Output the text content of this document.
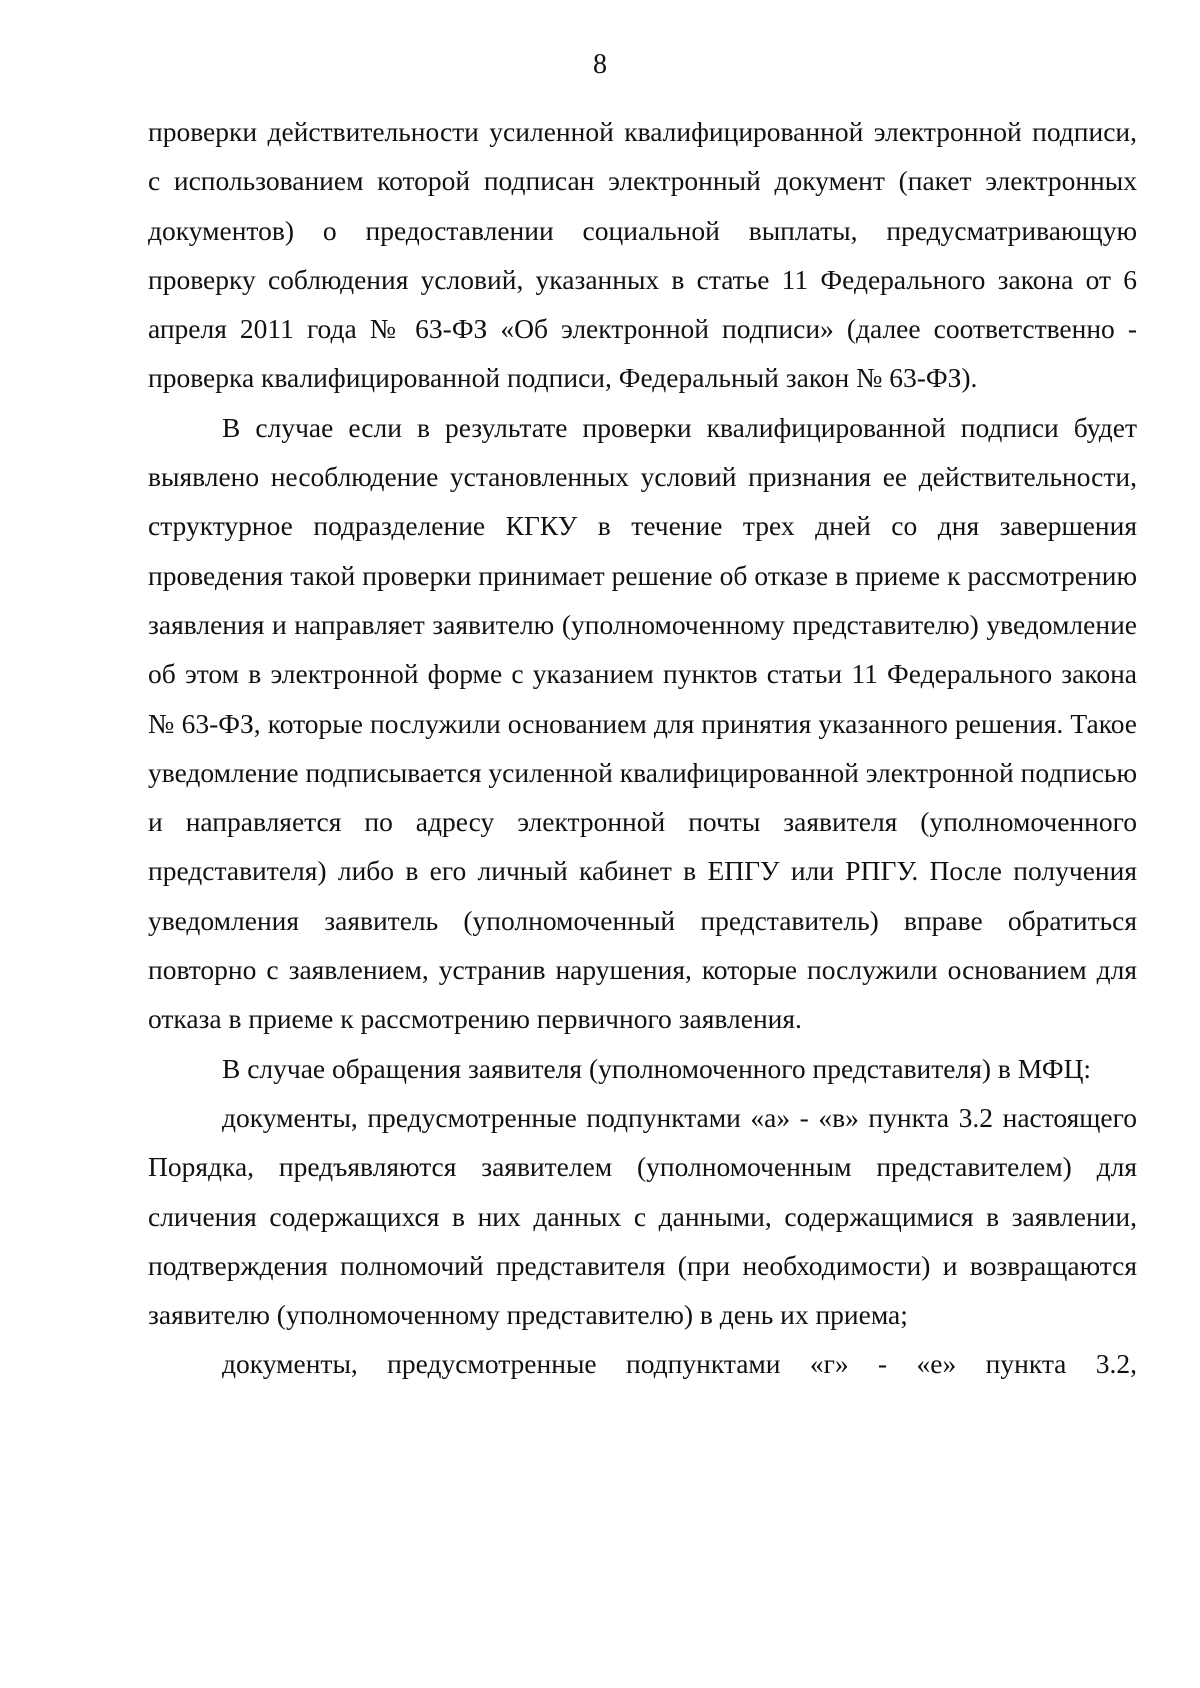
8

проверки действительности усиленной квалифицированной электронной подписи, с использованием которой подписан электронный документ (пакет электронных документов) о предоставлении социальной выплаты, предусматривающую проверку соблюдения условий, указанных в статье 11 Федерального закона от 6 апреля 2011 года № 63-ФЗ «Об электронной подписи» (далее соответственно - проверка квалифицированной подписи, Федеральный закон № 63-ФЗ).

В случае если в результате проверки квалифицированной подписи будет выявлено несоблюдение установленных условий признания ее действительности, структурное подразделение КГКУ в течение трех дней со дня завершения проведения такой проверки принимает решение об отказе в приеме к рассмотрению заявления и направляет заявителю (уполномоченному представителю) уведомление об этом в электронной форме с указанием пунктов статьи 11 Федерального закона № 63-ФЗ, которые послужили основанием для принятия указанного решения. Такое уведомление подписывается усиленной квалифицированной электронной подписью и направляется по адресу электронной почты заявителя (уполномоченного представителя) либо в его личный кабинет в ЕПГУ или РПГУ. После получения уведомления заявитель (уполномоченный представитель) вправе обратиться повторно с заявлением, устранив нарушения, которые послужили основанием для отказа в приеме к рассмотрению первичного заявления.

В случае обращения заявителя (уполномоченного представителя) в МФЦ:

документы, предусмотренные подпунктами «а» - «в» пункта 3.2 настоящего Порядка, предъявляются заявителем (уполномоченным представителем) для сличения содержащихся в них данных с данными, содержащимися в заявлении, подтверждения полномочий представителя (при необходимости) и возвращаются заявителю (уполномоченному представителю) в день их приема;

документы, предусмотренные подпунктами «г» - «е» пункта 3.2,
